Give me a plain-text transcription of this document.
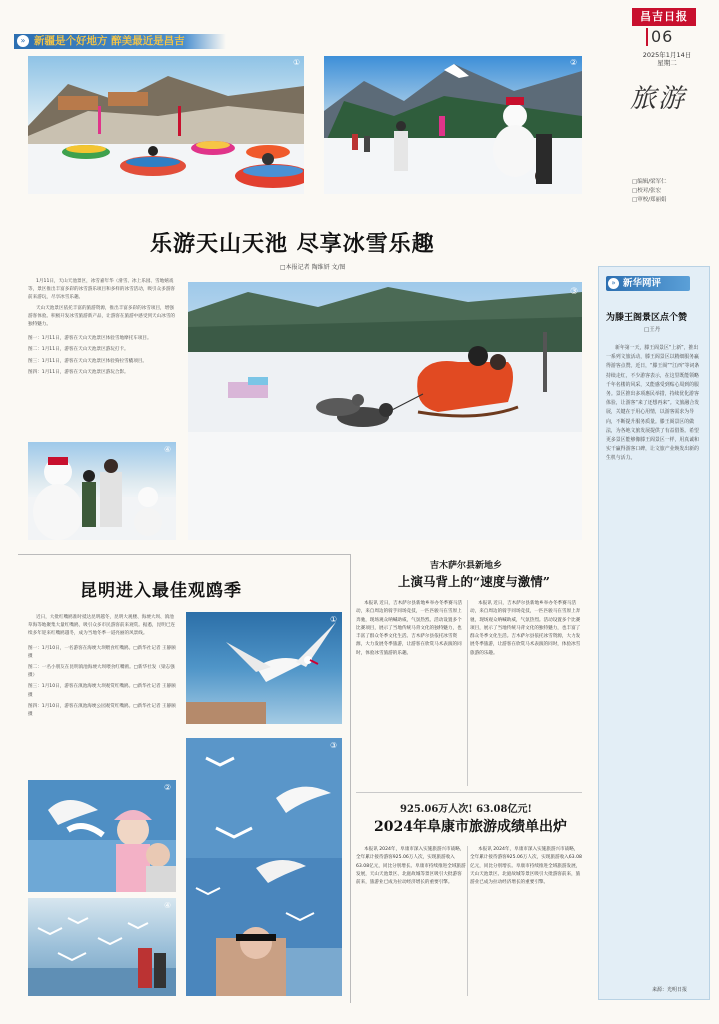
昌吉日报
06
2025年1月14日
星期二
旅游
□编辑/梁军仁
□校对/张宏
□审校/郑丽娟
» 新疆是个好地方 醉美最近是昌吉
乐游天山天池 尽享冰雪乐趣
□本报记者 陶维妍 文/图

1月11日，天山天池景区，冰雪嘉年华（滑雪、冰上乐园、雪地嬉戏等，景区推出丰富多彩的冰雪游乐项目和多样的冰雪活动，吸引众多游客前来游玩，尽享冰雪乐趣。

天山天池景区依托丰富的旅游资源，推出丰富多彩的冰雪项目，增强游客体验。积极开发冰雪旅游新产品，让游客在旅游中感受到天山冰雪的独特魅力。

图一：1月11日，游客在天山天池景区体验雪地摩托车项目。

图二：1月11日，游客在天山天池景区游玩打卡。

图三：1月11日，游客在天山天池景区体验狗拉雪橇项目。

图四：1月11日，游客在天山天池景区游玩合影。

③
④
昆明进入最佳观鸥季

近日，大批红嘴鸥准时抵达昆明越冬，昆明大观楼、海埂大坝、滇池草海等地聚集大量红嘴鸥，吸引众多市民游客前来观赏。据悉，昆明已连续多年迎来红嘴鸥越冬，成为当地冬季一道亮丽的风景线。

图一：1月10日，一名游客在海埂大坝喂食红嘴鸥。□新华社记者 王静颐摄

图二：一名小朋友在昆明滇池海埂大坝喂食红嘴鸥。□新华社发（梁志强摄）

图三：1月10日，游客在滇池海埂大坝观赏红嘴鸥。□新华社记者 王静颐摄

图四：1月10日，游客在滇池海埂公园观赏红嘴鸥。□新华社记者 王静颐摄

①
②
④
③
吉木萨尔县新地乡
上演马背上的“速度与激情”

本报讯 近日，吉木萨尔县新地乡举办冬季赛马活动，来自周边的骑手同场竞技，一匹匹骏马在雪原上奔驰，现场观众呐喊助威，气氛热烈。活动设置多个比赛项目，展示了当地传统马背文化的独特魅力，也丰富了群众冬季文化生活。吉木萨尔县依托冰雪资源，大力发展冬季旅游，让游客在欣赏马术表演的同时，体验冰雪旅游的乐趣。

本报讯 近日，吉木萨尔县新地乡举办冬季赛马活动，来自周边的骑手同场竞技，一匹匹骏马在雪原上奔驰，现场观众呐喊助威，气氛热烈。活动设置多个比赛项目，展示了当地传统马背文化的独特魅力，也丰富了群众冬季文化生活。吉木萨尔县依托冰雪资源，大力发展冬季旅游，让游客在欣赏马术表演的同时，体验冰雪旅游的乐趣。

925.06万人次! 63.08亿元!
2024年阜康市旅游成绩单出炉

本报讯 2024年，阜康市深入实施旅游兴市战略，全年累计接待游客925.06万人次，实现旅游收入63.08亿元，同比分别增长。阜康市持续推进全域旅游发展，天山天池景区、北庭故城等景区吸引大批游客前来，旅游业已成为拉动经济增长的重要引擎。

本报讯 2024年，阜康市深入实施旅游兴市战略，全年累计接待游客925.06万人次，实现旅游收入63.08亿元，同比分别增长。阜康市持续推进全域旅游发展，天山天池景区、北庭故城等景区吸引大批游客前来，旅游业已成为拉动经济增长的重要引擎。

» 新华网评
为滕王阁景区点个赞
□王丹

新年第一天，滕王阁景区“上新”，推出一系列文旅活动，滕王阁景区以精细服务赢得游客点赞。近日，“滕王阁”“江西”等词条持续走红，不少游客表示，在这里既能领略千年名楼的风采，又能感受到贴心周到的服务。景区推出多项惠民举措，持续优化游客体验，让游客“来了还想再来”。文旅融合发展，关键在于用心用情，以游客需求为导向，不断提升服务质量。滕王阁景区的做法，为各地文旅发展提供了有益借鉴。希望更多景区能够像滕王阁景区一样，用真诚和实干赢得游客口碑，让文旅产业焕发出新的生机与活力。

来源：光明日报
①	②
